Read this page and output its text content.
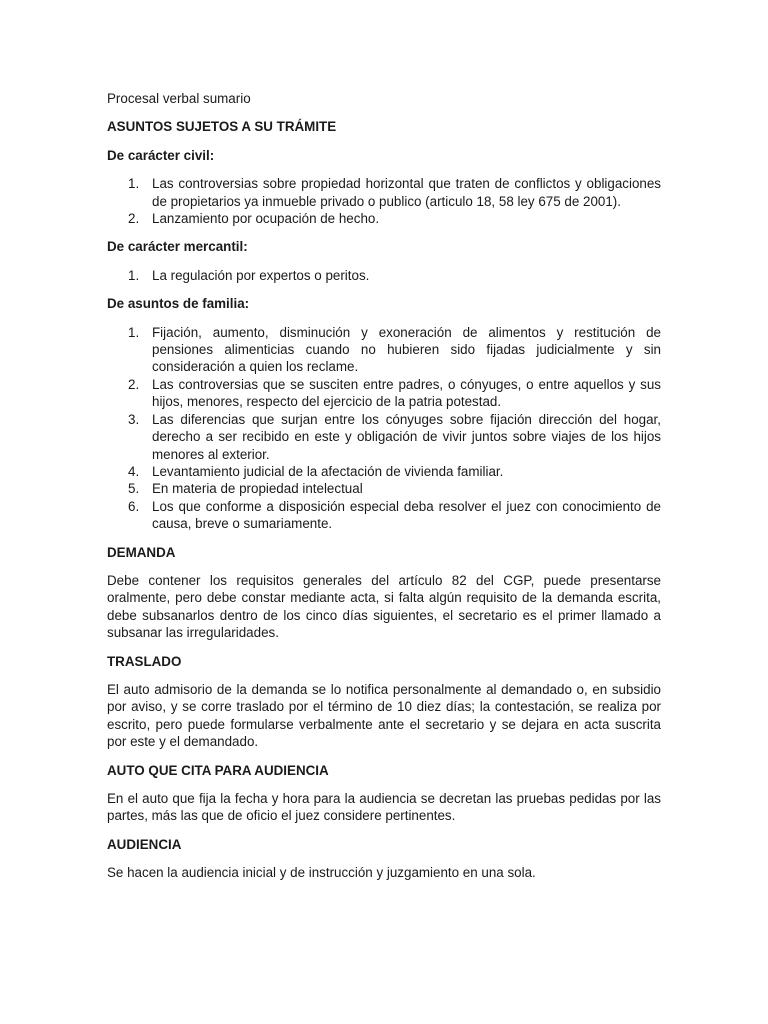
Procesal verbal sumario

ASUNTOS SUJETOS A SU TRÁMITE

De carácter civil:

1. Las controversias sobre propiedad horizontal que traten de conflictos y obligaciones de propietarios ya inmueble privado o publico (articulo 18, 58 ley 675 de 2001).
2. Lanzamiento por ocupación de hecho.

De carácter mercantil:

1. La regulación por expertos o peritos.

De asuntos de familia:

1. Fijación, aumento, disminución y exoneración de alimentos y restitución de pensiones alimenticias cuando no hubieren sido fijadas judicialmente y sin consideración a quien los reclame.
2. Las controversias que se susciten entre padres, o cónyuges, o entre aquellos y sus hijos, menores, respecto del ejercicio de la patria potestad.
3. Las diferencias que surjan entre los cónyuges sobre fijación dirección del hogar, derecho a ser recibido en este y obligación de vivir juntos sobre viajes de los hijos menores al exterior.
4. Levantamiento judicial de la afectación de vivienda familiar.
5. En materia de propiedad intelectual
6. Los que conforme a disposición especial deba resolver el juez con conocimiento de causa, breve o sumariamente.

DEMANDA

Debe contener los requisitos generales del artículo 82 del CGP, puede presentarse oralmente, pero debe constar mediante acta, si falta algún requisito de la demanda escrita, debe subsanarlos dentro de los cinco días siguientes, el secretario es el primer llamado a subsanar las irregularidades.

TRASLADO

El auto admisorio de la demanda se lo notifica personalmente al demandado o, en subsidio por aviso, y se corre traslado por el término de 10 diez días; la contestación, se realiza por escrito, pero puede formularse verbalmente ante el secretario y se dejara en acta suscrita por este y el demandado.

AUTO QUE CITA PARA AUDIENCIA

En el auto que fija la fecha y hora para la audiencia se decretan las pruebas pedidas por las partes, más las que de oficio el juez considere pertinentes.

AUDIENCIA

Se hacen la audiencia inicial y de instrucción y juzgamiento en una sola.
